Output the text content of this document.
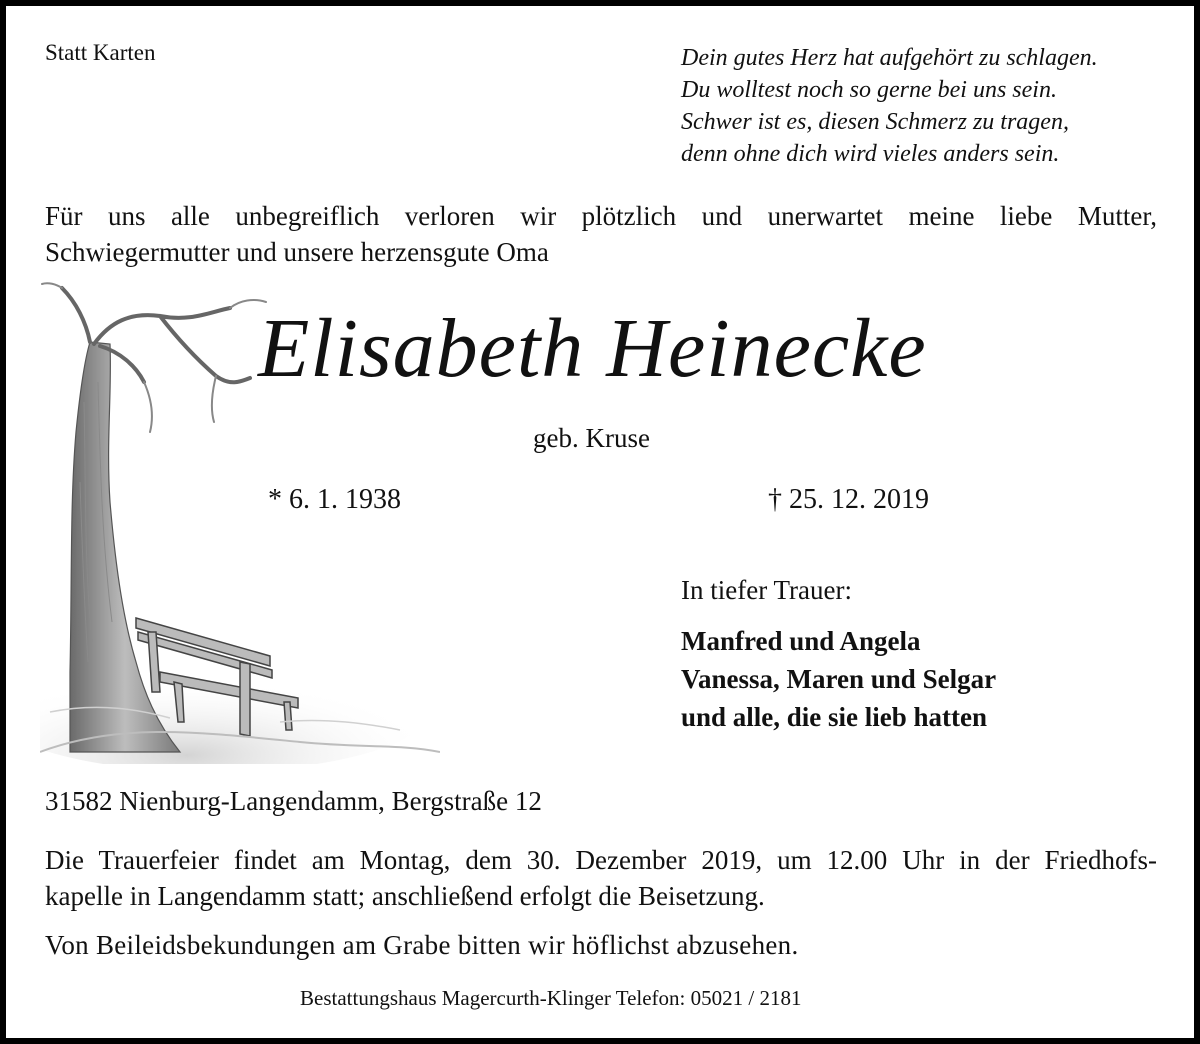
Statt Karten	Dein gutes Herz hat aufgehört zu schlagen.
Du wolltest noch so gerne bei uns sein.
Schwer ist es, diesen Schmerz zu tragen,
denn ohne dich wird vieles anders sein.
Für uns alle unbegreiflich verloren wir plötzlich und unerwartet meine liebe Mutter,
Schwiegermutter und unsere herzensgute Oma
Elisabeth Heinecke
geb. Kruse
* 6. 1. 1938	† 25. 12. 2019
In tiefer Trauer:
Manfred und Angela
Vanessa, Maren und Selgar
und alle, die sie lieb hatten
31582 Nienburg-Langendamm, Bergstraße 12
Die Trauerfeier findet am Montag, dem 30. Dezember 2019, um 12.00 Uhr in der Friedhofs-
kapelle in Langendamm statt; anschließend erfolgt die Beisetzung.
Von Beileidsbekundungen am Grabe bitten wir höflichst abzusehen.
Bestattungshaus Magercurth-Klinger Telefon: 05021 / 2181
